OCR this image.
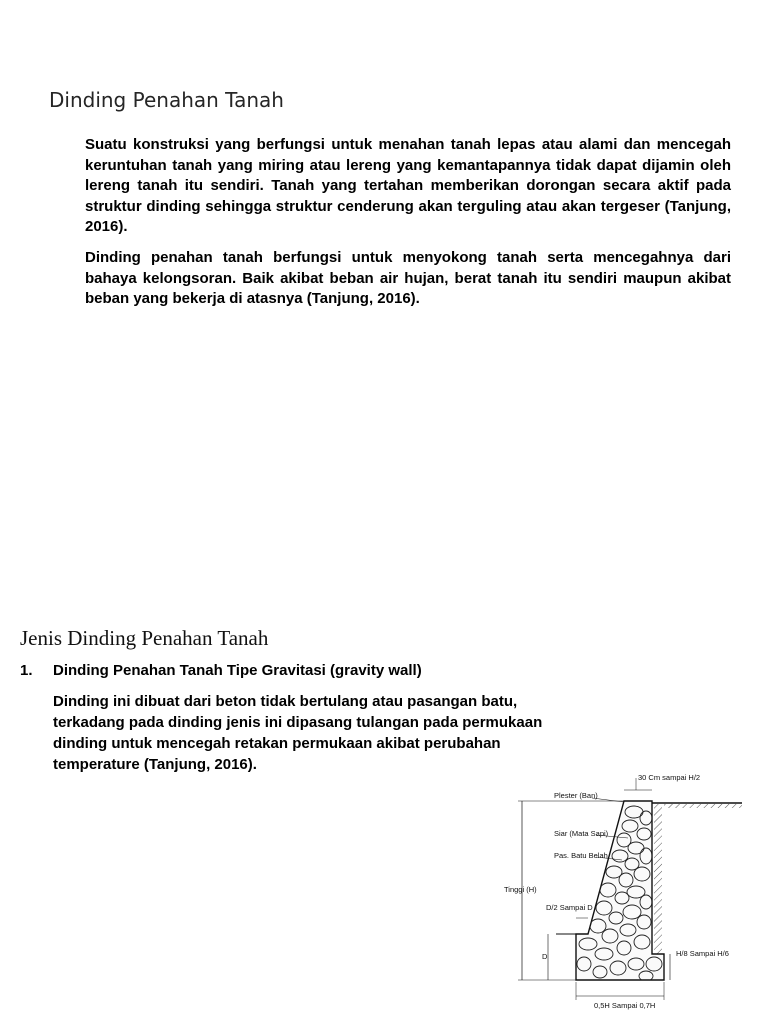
Dinding Penahan Tanah
Suatu konstruksi yang berfungsi untuk menahan tanah lepas atau alami dan mencegah keruntuhan tanah yang miring atau lereng yang kemantapannya tidak dapat dijamin oleh lereng tanah itu sendiri. Tanah yang tertahan memberikan dorongan secara aktif pada struktur dinding sehingga struktur cenderung akan terguling atau akan tergeser (Tanjung, 2016).
Dinding penahan tanah berfungsi untuk menyokong tanah serta mencegahnya dari bahaya kelongsoran. Baik akibat beban air hujan, berat tanah itu sendiri maupun akibat beban yang bekerja di atasnya (Tanjung, 2016).
Jenis Dinding Penahan Tanah
1. Dinding Penahan Tanah Tipe Gravitasi (gravity wall)
Dinding ini dibuat dari beton tidak bertulang atau pasangan batu, terkadang pada dinding jenis ini dipasang tulangan pada permukaan dinding untuk mencegah retakan permukaan akibat perubahan temperature (Tanjung, 2016).
Tinggi (H)
D
30 Cm sampai H/2
Plester (Ban)
Siar (Mata Sapi)
Pas. Batu Belah
D/2 Sampai D
H/8 Sampai H/6
0,5H Sampai 0,7H
